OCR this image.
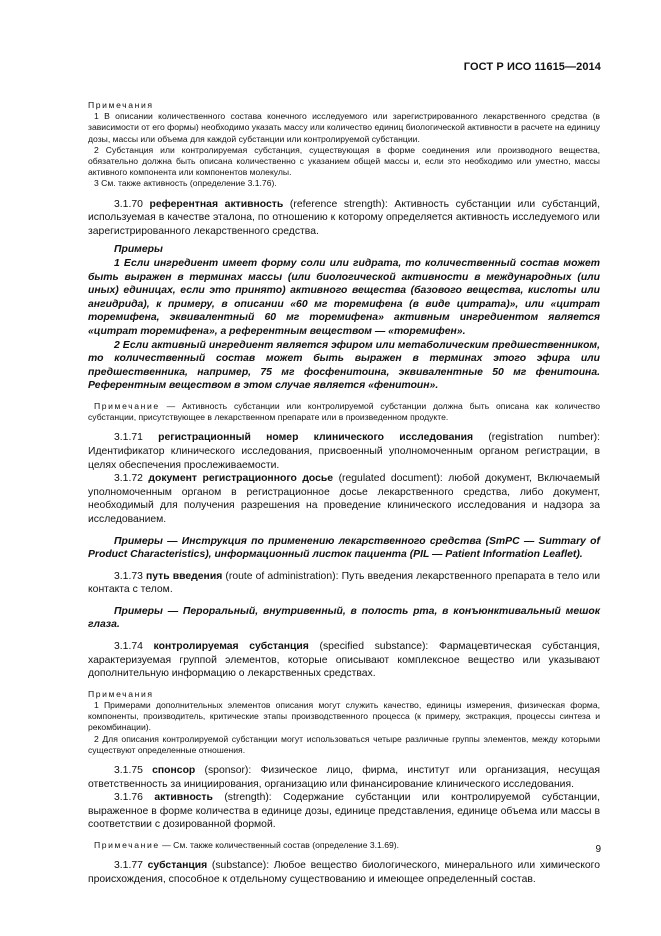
ГОСТ Р ИСО 11615—2014

Примечания

1 В описании количественного состава конечного исследуемого или зарегистрированного лекарственного средства (в зависимости от его формы) необходимо указать массу или количество единиц биологической активности в расчете на единицу дозы, массы или объема для каждой субстанции или контролируемой субстанции.

2 Субстанция или контролируемая субстанция, существующая в форме соединения или производного вещества, обязательно должна быть описана количественно с указанием общей массы и, если это необходимо или уместно, массы активного компонента или компонентов молекулы.

3 См. также активность (определение 3.1.76).

3.1.70 референтная активность (reference strength): Активность субстанции или субстанций, используемая в качестве эталона, по отношению к которому определяется активность исследуемого или зарегистрированного лекарственного средства.

Примеры

1 Если ингредиент имеет форму соли или гидрата, то количественный состав может быть выражен в терминах массы (или биологической активности в международных (или иных) единицах, если это принято) активного вещества (базового вещества, кислоты или ангидрида), к примеру, в описании «60 мг торемифена (в виде цитрата)», или «цитрат торемифена, эквивалентный 60 мг торемифена» активным ингредиентом является «цитрат торемифена», а референтным веществом — «торемифен».

2 Если активный ингредиент является эфиром или метаболическим предшественником, то количественный состав может быть выражен в терминах этого эфира или предшественника, например, 75 мг фосфенитоина, эквивалентные 50 мг фенитоина. Референтным веществом в этом случае является «фенитоин».

Примечание — Активность субстанции или контролируемой субстанции должна быть описана как количество субстанции, присутствующее в лекарственном препарате или в произведенном продукте.

3.1.71 регистрационный номер клинического исследования (registration number): Идентификатор клинического исследования, присвоенный уполномоченным органом регистрации, в целях обеспечения прослеживаемости.

3.1.72 документ регистрационного досье (regulated document): любой документ, Включаемый уполномоченным органом в регистрационное досье лекарственного средства, либо документ, необходимый для получения разрешения на проведение клинического исследования и надзора за исследованием.

Примеры — Инструкция по применению лекарственного средства (SmPC — Summary of Product Characteristics), информационный листок пациента (PIL — Patient Information Leaflet).

3.1.73 путь введения (route of administration): Путь введения лекарственного препарата в тело или контакта с телом.

Примеры — Пероральный, внутривенный, в полость рта, в конъюнктивальный мешок глаза.

3.1.74 контролируемая субстанция (specified substance): Фармацевтическая субстанция, характеризуемая группой элементов, которые описывают комплексное вещество или указывают дополнительную информацию о лекарственных средствах.

Примечания

1 Примерами дополнительных элементов описания могут служить качество, единицы измерения, физическая форма, компоненты, производитель, критические этапы производственного процесса (к примеру, экстракция, процессы синтеза и рекомбинации).

2 Для описания контролируемой субстанции могут использоваться четыре различные группы элементов, между которыми существуют определенные отношения.

3.1.75 спонсор (sponsor): Физическое лицо, фирма, институт или организация, несущая ответственность за инициирования, организацию или финансирование клинического исследования.

3.1.76 активность (strength): Содержание субстанции или контролируемой субстанции, выраженное в форме количества в единице дозы, единице представления, единице объема или массы в соответствии с дозированной формой.

Примечание — См. также количественный состав (определение 3.1.69).

3.1.77 субстанция (substance): Любое вещество биологического, минерального или химического происхождения, способное к отдельному существованию и имеющее определенный состав.

9
